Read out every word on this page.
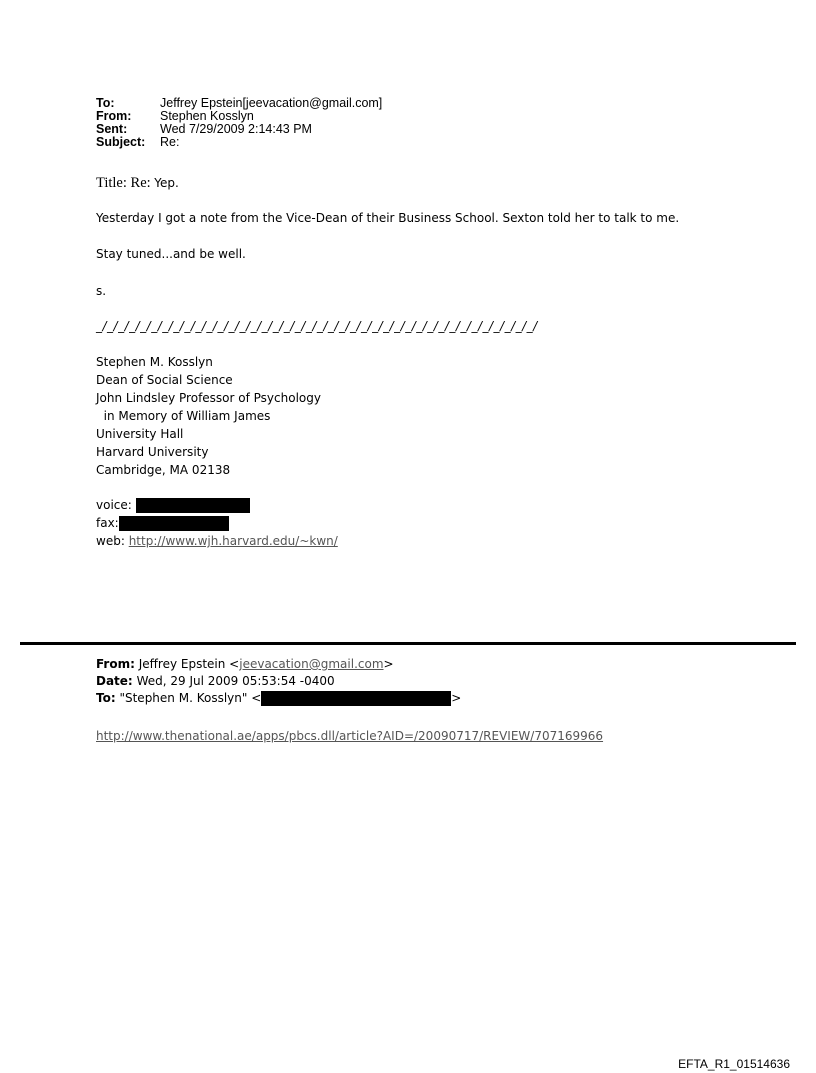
To:	Jeffrey Epstein[jeevacation@gmail.com]
From:	Stephen Kosslyn
Sent:	Wed 7/29/2009 2:14:43 PM
Subject:	Re:
Title: Re: Yep.
Yesterday I got a note from the Vice-Dean of their Business School. Sexton told her to talk to me.
Stay tuned...and be well.
s.
_/_/_/_/_/_/_/_/_/_/_/_/_/_/_/_/_/_/_/_/_/_/_/_/_/_/_/_/_/_/_/_/_/_/_/_/_/_/_/_/
Stephen M. Kosslyn
Dean of Social Science
John Lindsley Professor of Psychology
in Memory of William James
University Hall
Harvard University
Cambridge, MA 02138
voice:
fax:
web: http://www.wjh.harvard.edu/~kwn/
From: Jeffrey Epstein <jeevacation@gmail.com>
Date: Wed, 29 Jul 2009 05:53:54 -0400
To: "Stephen M. Kosslyn" <	>
http://www.thenational.ae/apps/pbcs.dll/article?AID=/20090717/REVIEW/707169966
EFTA_R1_01514636
